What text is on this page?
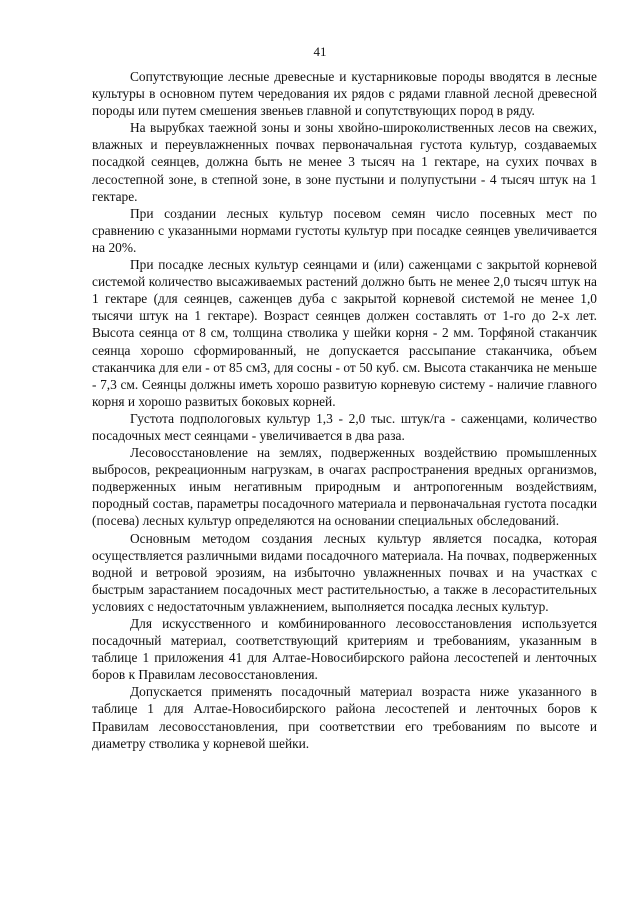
41

Сопутствующие лесные древесные и кустарниковые породы вводятся в лесные культуры в основном путем чередования их рядов с рядами главной лесной древесной породы или путем смешения звеньев главной и сопутствующих пород в ряду.

На вырубках таежной зоны и зоны хвойно-широколиственных лесов на свежих, влажных и переувлажненных почвах первоначальная густота культур, создаваемых посадкой сеянцев, должна быть не менее 3 тысяч на 1 гектаре, на сухих почвах в лесостепной зоне, в степной зоне, в зоне пустыни и полупустыни - 4 тысяч штук на 1 гектаре.

При создании лесных культур посевом семян число посевных мест по сравнению с указанными нормами густоты культур при посадке сеянцев увеличивается на 20%.

При посадке лесных культур сеянцами и (или) саженцами с закрытой корневой системой количество высаживаемых растений должно быть не менее 2,0 тысяч штук на 1 гектаре (для сеянцев, саженцев дуба с закрытой корневой системой не менее 1,0 тысячи штук на 1 гектаре). Возраст сеянцев должен составлять от 1-го до 2-х лет. Высота сеянца от 8 см, толщина стволика у шейки корня - 2 мм. Торфяной стаканчик сеянца хорошо сформированный, не допускается рассыпание стаканчика, объем стаканчика для ели - от 85 см3, для сосны - от 50 куб. см. Высота стаканчика не меньше - 7,3 см. Сеянцы должны иметь хорошо развитую корневую систему - наличие главного корня и хорошо развитых боковых корней.

Густота подпологовых культур 1,3 - 2,0 тыс. штук/га - саженцами, количество посадочных мест сеянцами - увеличивается в два раза.

Лесовосстановление на землях, подверженных воздействию промышленных выбросов, рекреационным нагрузкам, в очагах распространения вредных организмов, подверженных иным негативным природным и антропогенным воздействиям, породный состав, параметры посадочного материала и первоначальная густота посадки (посева) лесных культур определяются на основании специальных обследований.

Основным методом создания лесных культур является посадка, которая осуществляется различными видами посадочного материала. На почвах, подверженных водной и ветровой эрозиям, на избыточно увлажненных почвах и на участках с быстрым зарастанием посадочных мест растительностью, а также в лесорастительных условиях с недостаточным увлажнением, выполняется посадка лесных культур.

Для искусственного и комбинированного лесовосстановления используется посадочный материал, соответствующий критериям и требованиям, указанным в таблице 1 приложения 41 для Алтае-Новосибирского района лесостепей и ленточных боров к Правилам лесовосстановления.

Допускается применять посадочный материал возраста ниже указанного в таблице 1 для Алтае-Новосибирского района лесостепей и ленточных боров к Правилам лесовосстановления, при соответствии его требованиям по высоте и диаметру стволика у корневой шейки.
